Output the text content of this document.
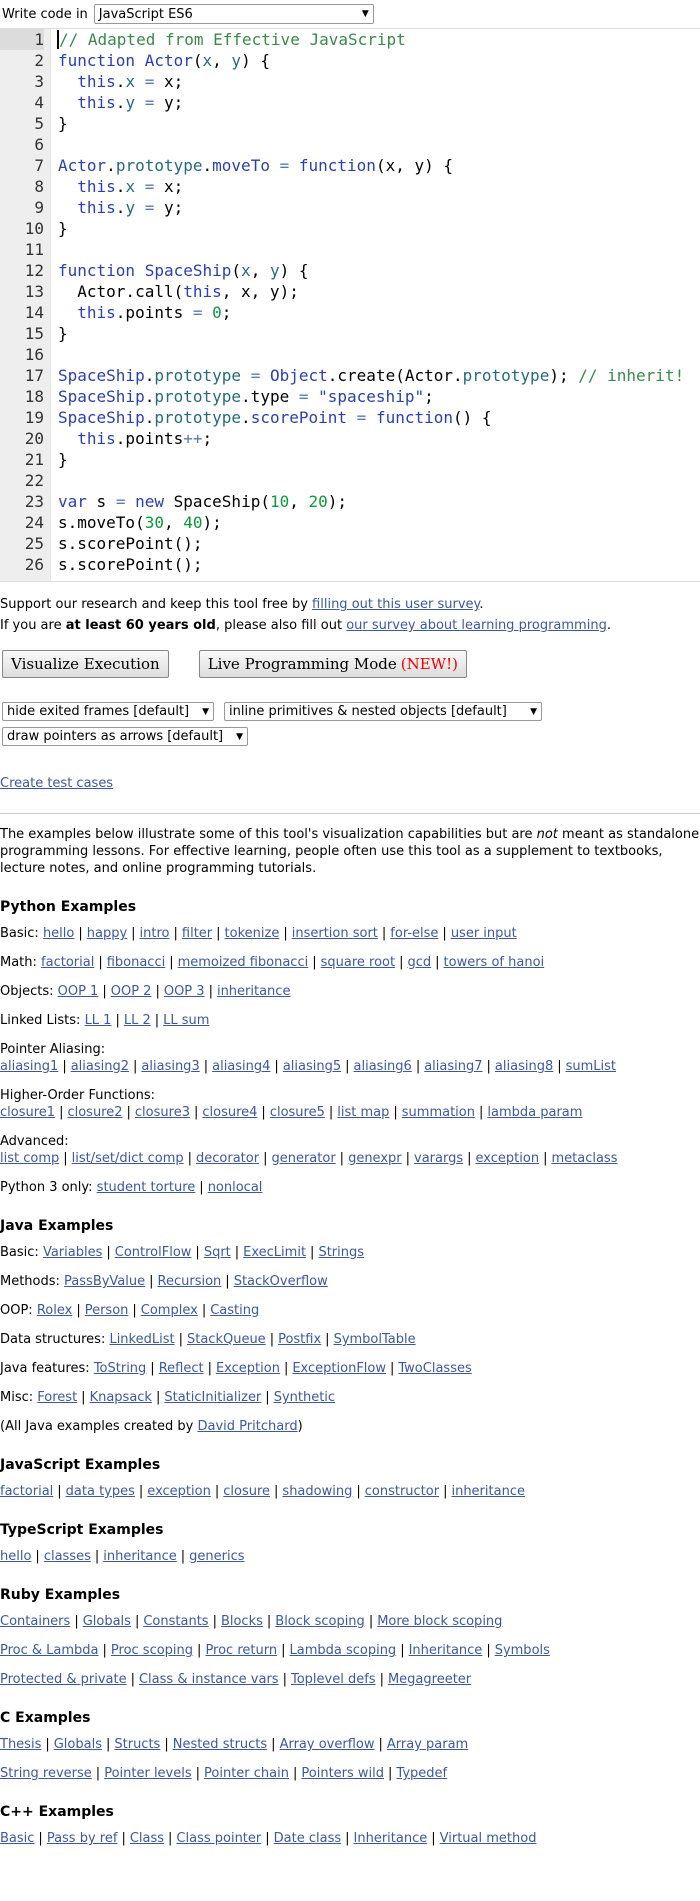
Write code in JavaScript ES6	▼
1 // Adapted from Effective JavaScript
2 function Actor(x, y) {
3	this.x = x;
4	this.y = y;
5 }
6
7 Actor.prototype.moveTo = function(x, y) {
8	this.x = x;
9	this.y = y;
10 }
11
12 function SpaceShip(x, y) {
13 Actor.call(this, x, y);
14	this.points = 0;
15 }
16
17 SpaceShip.prototype = Object.create(Actor.prototype); // inherit!
18 SpaceShip.prototype.type = "spaceship";
19 SpaceShip.prototype.scorePoint = function() {
20	this.points++;
21 }
22
23 var s = new SpaceShip(10, 20);
24 s.moveTo(30, 40);
25 s.scorePoint();
26 s.scorePoint();
Support our research and keep this tool free by filling out this user survey.
If you are at least 60 years old, please also fill out our survey about learning programming.
Visualize Execution	Live Programming Mode (NEW!)
hide exited frames [default] ▼ inline primitives & nested objects [default]	▼
draw pointers as arrows [default] ▼
Create test cases
The examples below illustrate some of this tool's visualization capabilities but are not meant as standalone programming lessons. For effective learning, people often use this tool as a supplement to textbooks, lecture notes, and online programming tutorials.
Python Examples
Basic: hello | happy | intro | filter | tokenize | insertion sort | for-else | user input
Math: factorial | fibonacci | memoized fibonacci | square root | gcd | towers of hanoi
Objects: OOP 1 | OOP 2 | OOP 3 | inheritance
Linked Lists: LL 1 | LL 2 | LL sum
Pointer Aliasing:
aliasing1 | aliasing2 | aliasing3 | aliasing4 | aliasing5 | aliasing6 | aliasing7 | aliasing8 | sumList
Higher-Order Functions:
closure1 | closure2 | closure3 | closure4 | closure5 | list map | summation | lambda param
Advanced:
list comp | list/set/dict comp | decorator | generator | genexpr | varargs | exception | metaclass
Python 3 only: student torture | nonlocal
Java Examples
Basic: Variables | ControlFlow | Sqrt | ExecLimit | Strings
Methods: PassByValue | Recursion | StackOverflow
OOP: Rolex | Person | Complex | Casting
Data structures: LinkedList | StackQueue | Postfix | SymbolTable
Java features: ToString | Reflect | Exception | ExceptionFlow | TwoClasses
Misc: Forest | Knapsack | StaticInitializer | Synthetic
(All Java examples created by David Pritchard)
JavaScript Examples
factorial | data types | exception | closure | shadowing | constructor | inheritance
TypeScript Examples
hello | classes | inheritance | generics
Ruby Examples
Containers | Globals | Constants | Blocks | Block scoping | More block scoping
Proc & Lambda | Proc scoping | Proc return | Lambda scoping | Inheritance | Symbols
Protected & private | Class & instance vars | Toplevel defs | Megagreeter
C Examples
Thesis | Globals | Structs | Nested structs | Array overflow | Array param
String reverse | Pointer levels | Pointer chain | Pointers wild | Typedef
C++ Examples
Basic | Pass by ref | Class | Class pointer | Date class | Inheritance | Virtual method
